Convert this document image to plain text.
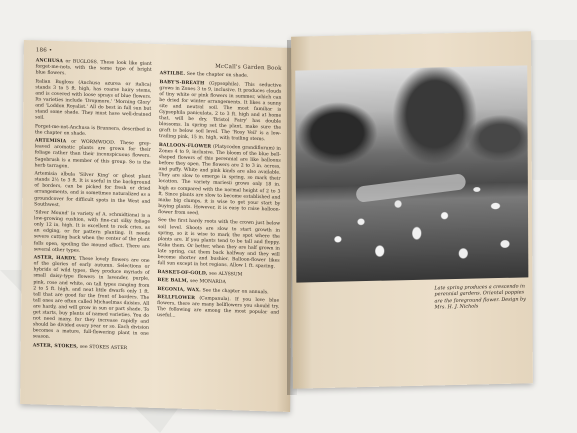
186 •

ANCHUSA or BUGLOSS. These look like giant forget-me-nots, with the same type of bright blue flowers.

Italian Bugloss (Anchusa azurea or italica) stands 3 to 5 ft. high, has coarse hairy stems, and is covered with loose sprays of blue flowers. Its varieties include 'Dropmore,' 'Morning Glory' and 'Loddon Royalist.' All do best in full sun but stand some shade. They must have well-drained soil.

Forget-me-not-Anchusa is Brunnera, described in the chapter on shade.

ARTEMISIA or WORMWOOD. These grey-leaved aromatic plants are grown for their foliage rather than their inconspicuous flowers. Sagebrush is a member of this group. So is the herb tarragon.

Artemisia albula 'Silver King' or ghost plant stands 2½ to 3 ft. It is useful in the background of borders, can be picked for fresh or dried arrangements, and is sometimes naturalized as a groundcover for difficult spots in the West and Southwest.

'Silver Mound' (a variety of A. schmidtiana) is a low-growing cushion, with fine-cut silky foliage only 12 in. high. It is excellent to rock cries, as an edging, or for pattern planting. It needs severe cutting back when the center of the plant falls open, spoiling the mound effect. There are several other types.

ASTER, HARDY. These lovely flowers are one of the glories of early autumn. Selections or hybrids of wild types, they produce myriads of small daisy-type flowers in lavender, purple, pink, rose and white, on tall types ranging from 2 to 5 ft. high, and neat little dwarfs only 1 ft. tall that are good for the front of borders. The tall ones are often called Michaelmas daisies. All are hardy, and will grow in sun or part shade. To get starts, buy plants of named varieties. You do not need many, for they increase rapidly and should be divided every year or so. Each division becomes a mature, full-flowering plant in one season.

ASTER, STOKES, see STOKES ASTER

McCall's Garden Book

ASTILBE. See the chapter on shade.

BABY'S-BREATH (Gypsophila). This seductive grows in Zones 3 to 9, inclusive. It produces clouds of tiny white or pink flowers in summer, which can be dried for winter arrangements. It likes a sunny site and neutral soil. The most familiar is Gypsophila paniculata, 2 to 3 ft. high and at home that, will be dry. 'Bristol Fairy' has double blossoms. In spring set the plant, make sure the graft is below soil level. The 'Rosy Veil' is a low-trailing pink, 15 in. high, with trailing stems.

BALLOON-FLOWER (Platycodon grandiflorum) in Zones 4 to 9, inclusive. The bloom of the blue bell-shaped flowers of this perennial are like balloons before they open. The flowers are 2 to 3 in. across, and puffy. White and pink kinds are also available. They are slow to emerge in spring, so mark their location. The variety mariesii grows only 18 in. high as compared with the normal height of 2 to 3 ft. Since plants are slow to become established and make big clumps, it is wise to get your start by buying plants. However, it is easy to raise balloon-flower from seed.

See the first hardy roots with the crown just below soil level. Shoots are slow to start growth in spring, so it is wise to mark the spot where the plants are. If you plants tend to be tall and floppy, stake them. Or better, when they are half grown in late spring, cut them back halfway and they will become shorter and bushier. Balloon-flower likes full sun except in hot regions. Allow 1 ft. spacing.

BASKET-OF-GOLD, see ALYSSUM

BEE BALM, see MONARDA

BEGONIA, WAX. See the chapter on annuals.

BELLFLOWER (Campanula). If you love blue flowers, there are many bellflowers you should try. The following are among the most popular and useful...

Late spring produces a crescendo in perennial gardens. Oriental poppies are the foreground flower. Design by Mrs. H. J. Nichols
